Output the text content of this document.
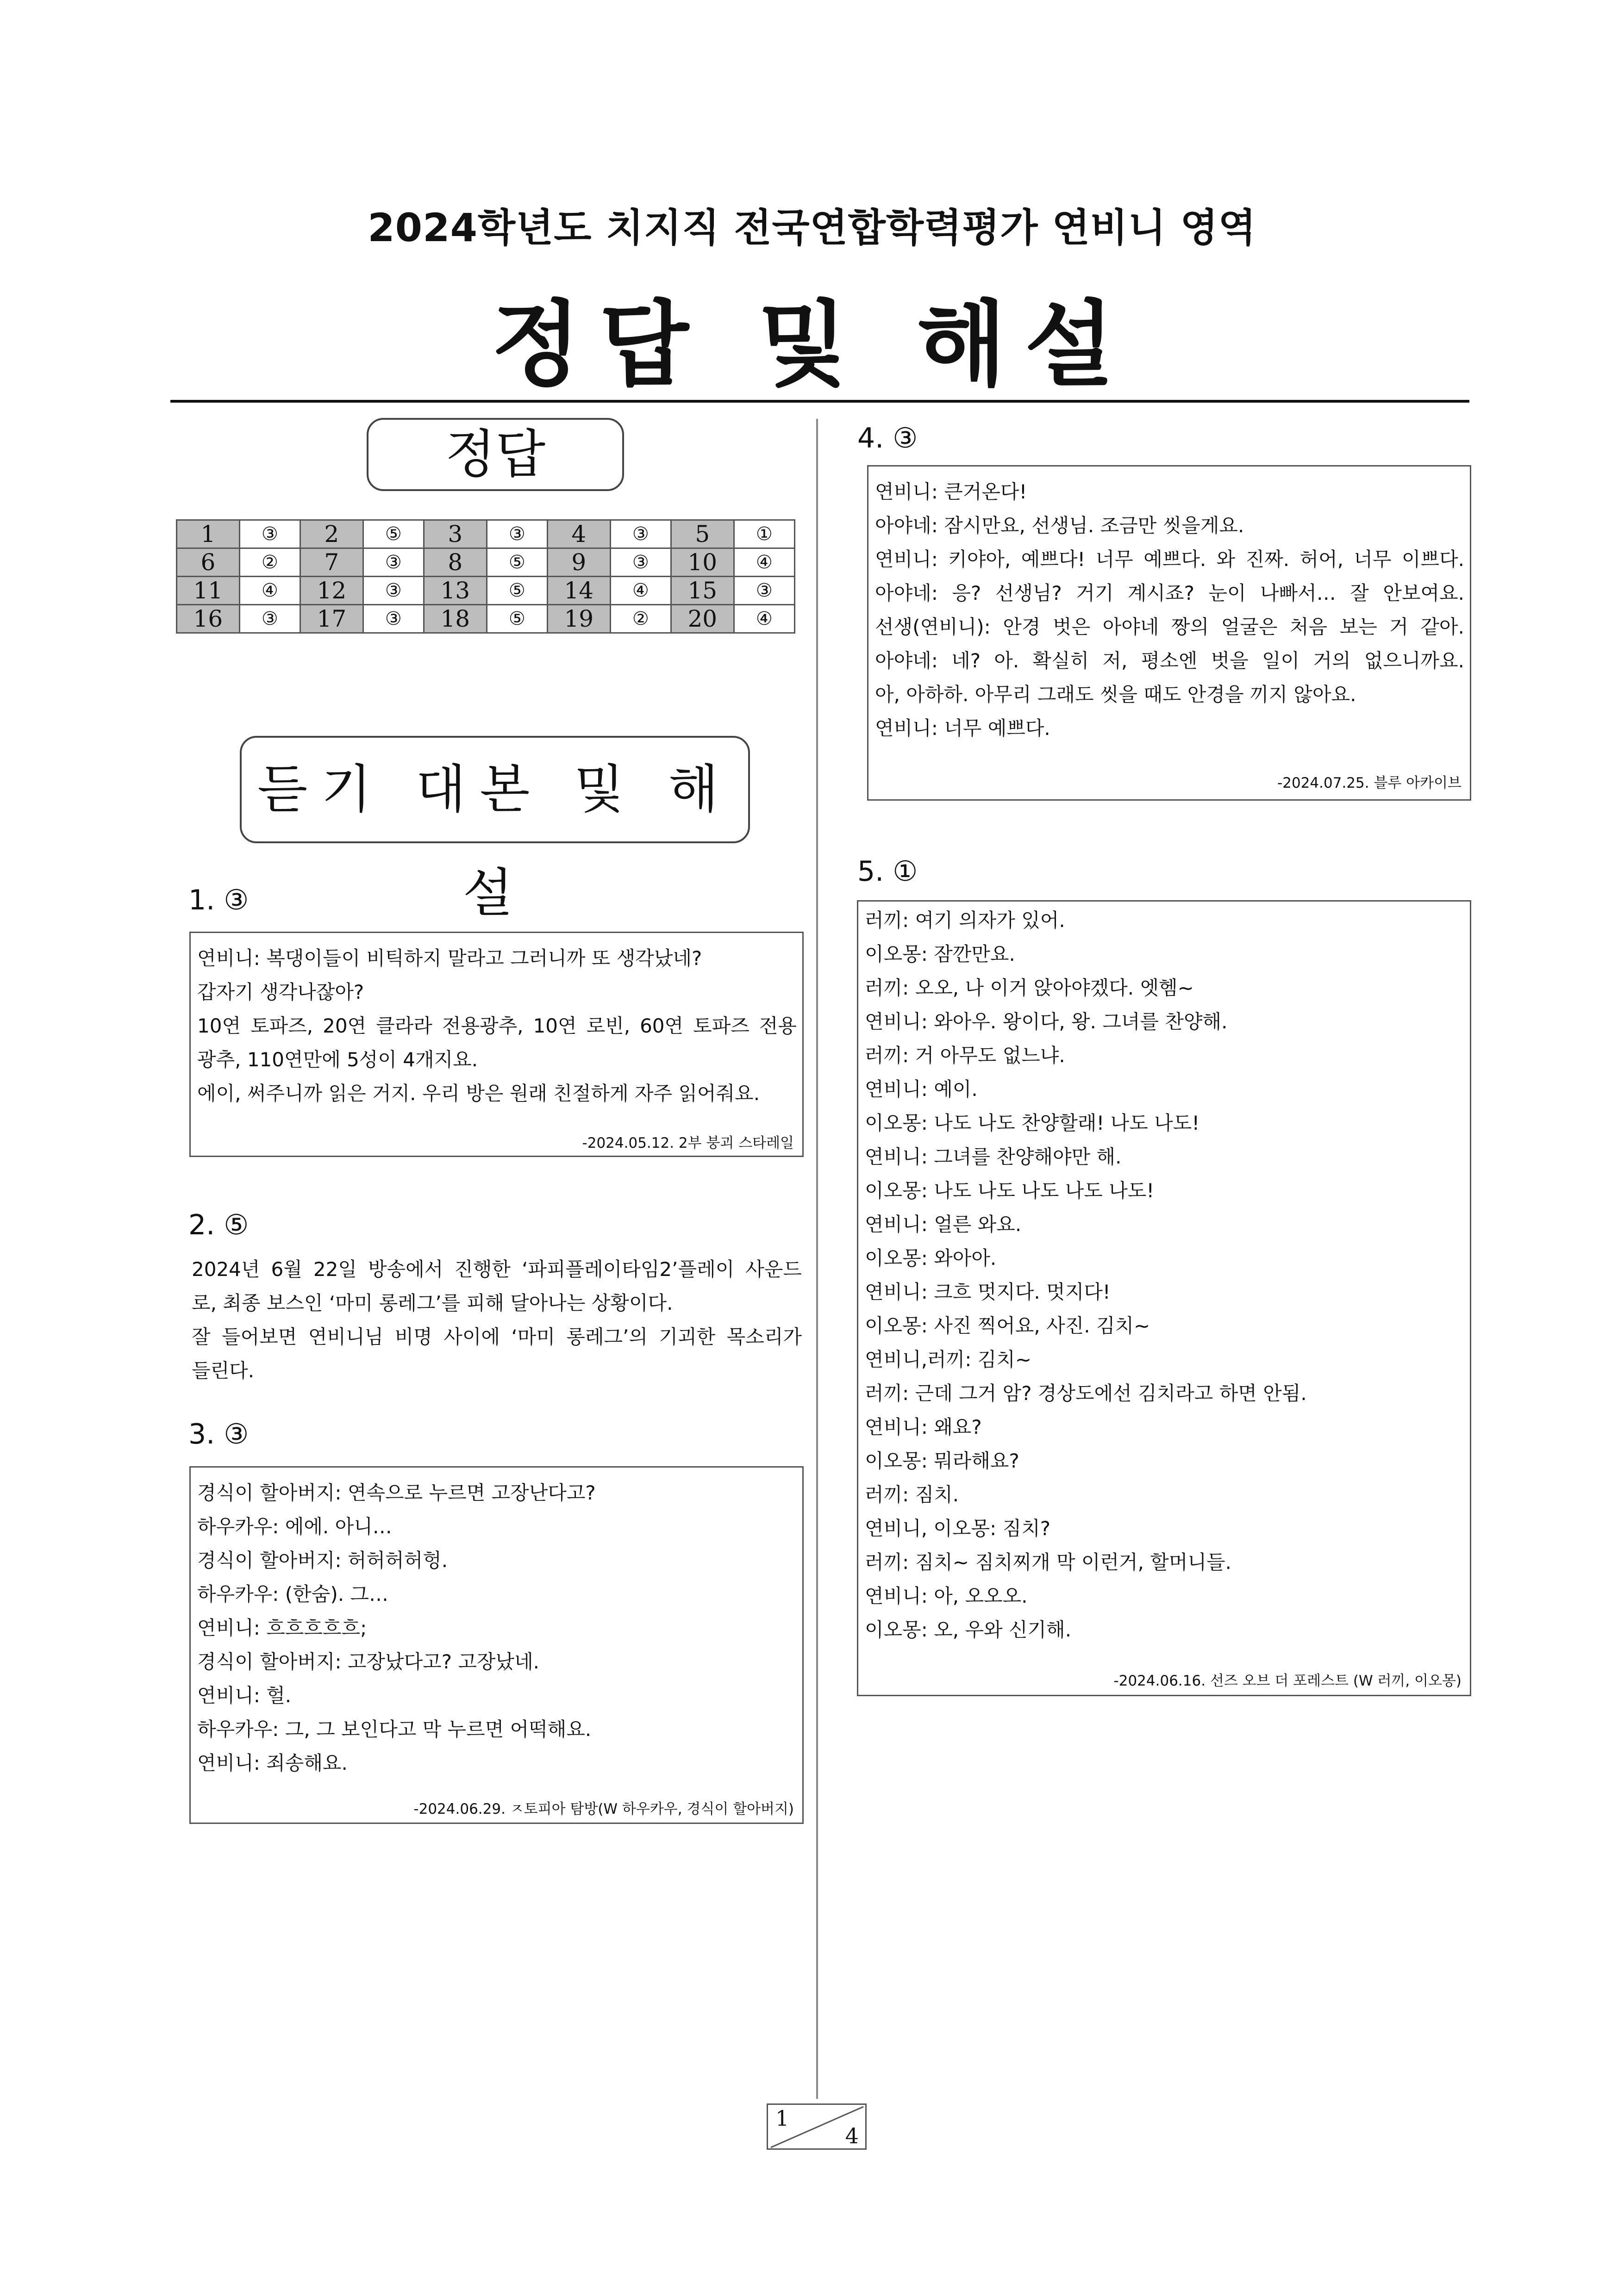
2024학년도 치지직 전국연합학력평가 연비니 영역
정답 및 해설
정답
1	③	2	⑤	3	③	4	③	5	①
6	②	7	③	8	⑤	9	③	10	④
11	④	12	③	13	⑤	14	④	15	③
16	③	17	③	18	⑤	19	②	20	④
듣기 대본 및 해설
1. ③
연비니: 복댕이들이 비틱하지 말라고 그러니까 또 생각났네?
갑자기 생각나잖아?
10연 토파즈, 20연 클라라 전용광추, 10연 로빈, 60연 토파즈 전용
광추, 110연만에 5성이 4개지요.
에이, 써주니까 읽은 거지. 우리 방은 원래 친절하게 자주 읽어줘요.
-2024.05.12. 2부 붕괴 스타레일
2. ⑤
2024년 6월 22일 방송에서 진행한 ‘파피플레이타임2’플레이 사운드
로, 최종 보스인 ‘마미 롱레그’를 피해 달아나는 상황이다.
잘 들어보면 연비니님 비명 사이에 ‘마미 롱레그’의 기괴한 목소리가
들린다.
3. ③
경식이 할아버지: 연속으로 누르면 고장난다고?
하우카우: 에에. 아니…
경식이 할아버지: 허허허허헝.
하우카우: (한숨). 그…
연비니: 흐흐흐흐흐;
경식이 할아버지: 고장났다고? 고장났네.
연비니: 헐.
하우카우: 그, 그 보인다고 막 누르면 어떡해요.
연비니: 죄송해요.
-2024.06.29. ㅈ토피아 탐방(W 하우카우, 경식이 할아버지)
4. ③
연비니: 큰거온다!
아야네: 잠시만요, 선생님. 조금만 씻을게요.
연비니: 키야아, 예쁘다! 너무 예쁘다. 와 진짜. 허어, 너무 이쁘다.
아야네: 응? 선생님? 거기 계시죠? 눈이 나빠서… 잘 안보여요.
선생(연비니): 안경 벗은 아야네 짱의 얼굴은 처음 보는 거 같아.
아야네: 네? 아. 확실히 저, 평소엔 벗을 일이 거의 없으니까요.
아, 아하하. 아무리 그래도 씻을 때도 안경을 끼지 않아요.
연비니: 너무 예쁘다.
-2024.07.25. 블루 아카이브
5. ①
러끼: 여기 의자가 있어.
이오몽: 잠깐만요.
러끼: 오오, 나 이거 앉아야겠다. 엣헴~
연비니: 와아우. 왕이다, 왕. 그녀를 찬양해.
러끼: 거 아무도 없느냐.
연비니: 예이.
이오몽: 나도 나도 찬양할래! 나도 나도!
연비니: 그녀를 찬양해야만 해.
이오몽: 나도 나도 나도 나도 나도!
연비니: 얼른 와요.
이오몽: 와아아.
연비니: 크흐 멋지다. 멋지다!
이오몽: 사진 찍어요, 사진. 김치~
연비니,러끼: 김치~
러끼: 근데 그거 암? 경상도에선 김치라고 하면 안됨.
연비니: 왜요?
이오몽: 뭐라해요?
러끼: 짐치.
연비니, 이오몽: 짐치?
러끼: 짐치~ 짐치찌개 막 이런거, 할머니들.
연비니: 아, 오오오.
이오몽: 오, 우와 신기해.
-2024.06.16. 선즈 오브 더 포레스트 (W 러끼, 이오몽)
1
4
